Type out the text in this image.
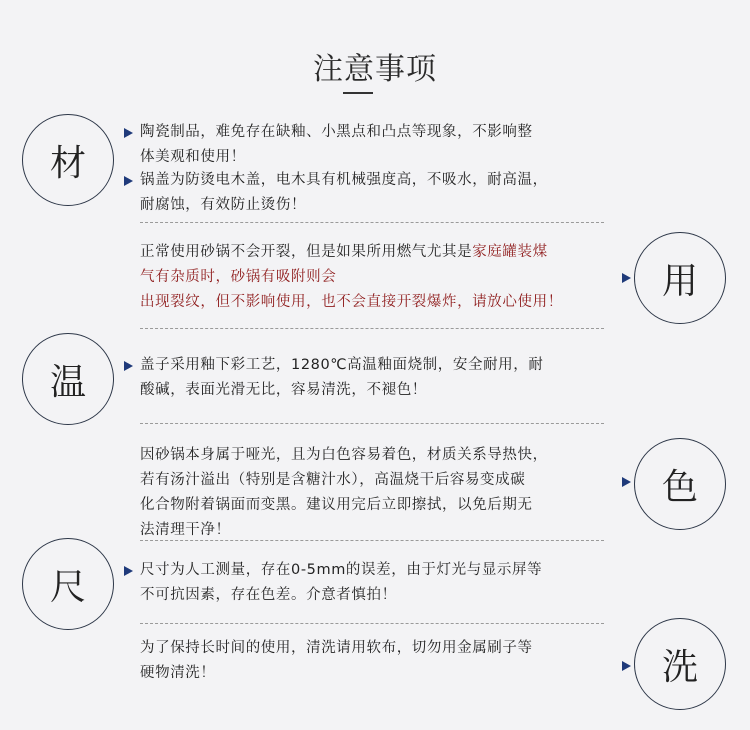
注意事项
材
陶瓷制品，难免存在缺釉、小黑点和凸点等现象，不影响整
体美观和使用！
锅盖为防烫电木盖，电木具有机械强度高，不吸水，耐高温，
耐腐蚀，有效防止烫伤！
正常使用砂锅不会开裂，但是如果所用燃气尤其是家庭罐装煤
气有杂质时，砂锅有吸附则会
出现裂纹，但不影响使用，也不会直接开裂爆炸，请放心使用！
用
温	盖子采用釉下彩工艺，1280℃高温釉面烧制，安全耐用，耐
酸碱，表面光滑无比，容易清洗，不褪色！
因砂锅本身属于哑光，且为白色容易着色，材质关系导热快，
若有汤汁溢出（特别是含糖汁水），高温烧干后容易变成碳
化合物附着锅面而变黑。建议用完后立即擦拭，以免后期无
法清理干净！
色
尺	尺寸为人工测量，存在0-5mm的误差，由于灯光与显示屏等
不可抗因素，存在色差。介意者慎拍！
为了保持长时间的使用，清洗请用软布，切勿用金属刷子等
硬物清洗！	洗
